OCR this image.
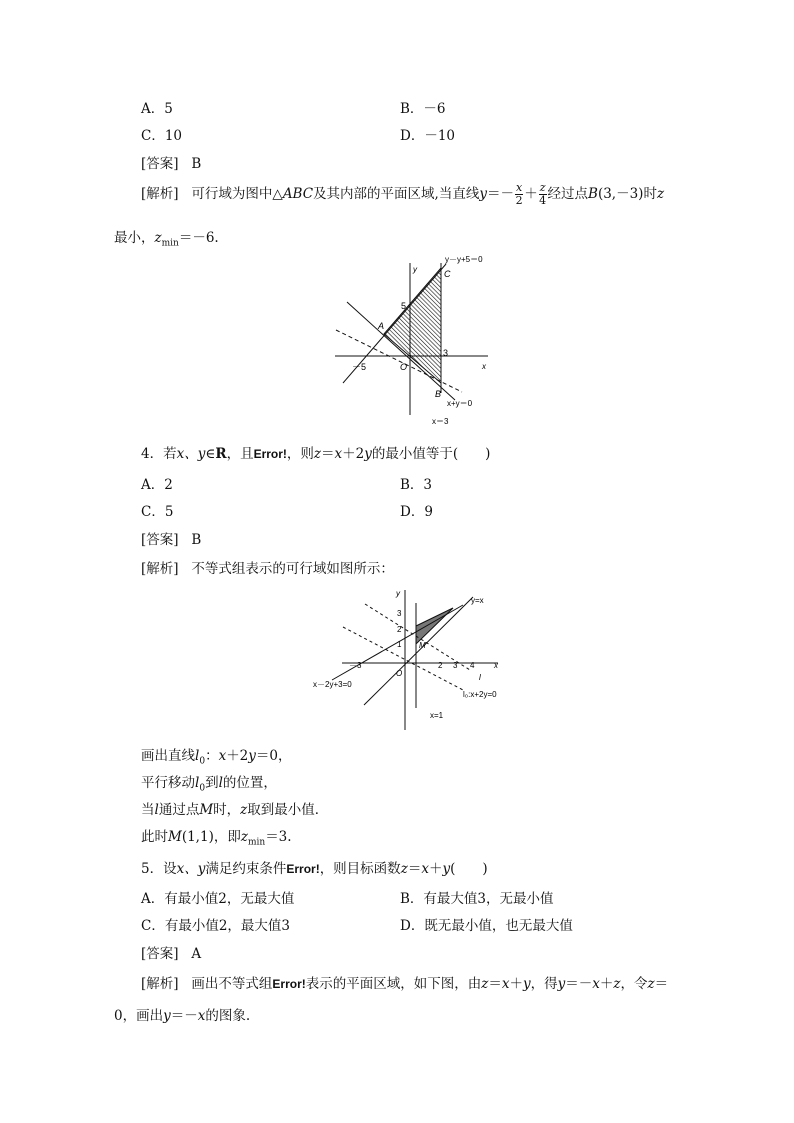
A．5	B．－6
C．10	D．－10
[答案] B
[解析] 可行域为图中△ABC及其内部的平面区域,当直线$y=- \frac{x}{2} + \frac{z}{4}$ 经过点B(3,－3)时z
最小，$z_{min}=-6$.
y－y+5＝0
C
y
5
A
3
x
－5	O
B
x+y＝0
x＝3
4．若x、y∈R，且Error!，则z＝x＋2y的最小值等于(　　)
A．2	B．3
C．5	D．9
[答案] B
[解析] 不等式组表示的可行域如图所示：
y
y=x
3
2
1 M
－3	2 3 4 x
l
O
x－2y+3=0
l₀:x+2y=0
x=1
画出直线$l_0$：x＋2y＝0，
平行移动$l_0$到l的位置，
当l通过点M时，z取到最小值．
此时M(1,1)，即$z_{min}=3$.
5．设x、y满足约束条件Error!，则目标函数z＝x＋y(　　)
A．有最小值2，无最大值	B．有最大值3，无最小值
C．有最小值2，最大值3	D．既无最小值，也无最大值
[答案] A
[解析] 画出不等式组Error!表示的平面区域，如下图，由z＝x＋y，得y＝－x＋z，令z＝
0，画出y＝－x的图象.
